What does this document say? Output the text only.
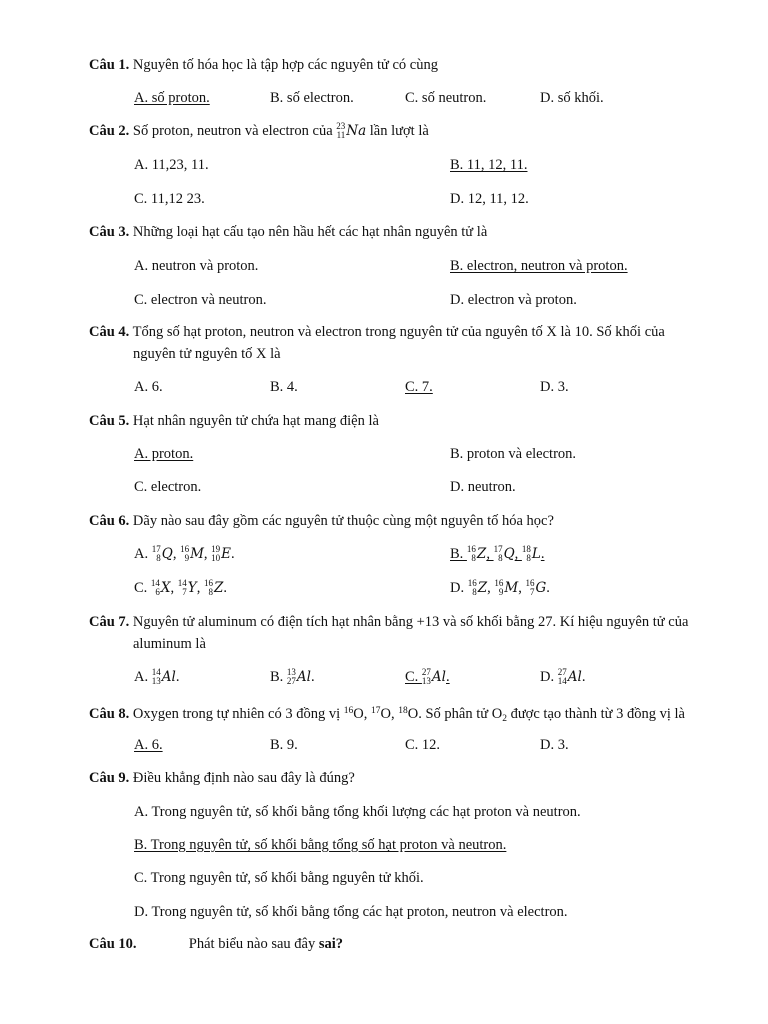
Câu 1. Nguyên tố hóa học là tập hợp các nguyên tử có cùng
A. số proton.	B. số electron.	C. số neutron.	D. số khối.
Câu 2. Số proton, neutron và electron của 23
11 Na lần lượt là
A. 11,23, 11.	B. 11, 12, 11.
C. 11,12 23.	D. 12, 11, 12.
Câu 3. Những loại hạt cấu tạo nên hầu hết các hạt nhân nguyên tử là
A. neutron và proton.	B. electron, neutron và proton.
C. electron và neutron.	D. electron và proton.
Câu 4. Tổng số hạt proton, neutron và electron trong nguyên tử của nguyên tố X là 10. Số khối của
nguyên tử nguyên tố X là
A. 6.	B. 4.	C. 7.	D. 3.
Câu 5. Hạt nhân nguyên tử chứa hạt mang điện là
A. proton.	B. proton và electron.
C. electron.	D. neutron.
Câu 6. Dãy nào sau đây gồm các nguyên tử thuộc cùng một nguyên tố hóa học?
A. 17
8 Q, 16
9 M, 19
10 E.	B. 16
8 Z, 17
8 Q, 18
8 L.
C. 14
6 X, 14
7 Y, 16
8 Z.	D. 16
8 Z, 16
9 M, 16
7 G.
Câu 7. Nguyên tử aluminum có điện tích hạt nhân bằng +13 và số khối bằng 27. Kí hiệu nguyên tử của
aluminum là
A. 14
13 Al.	B. 13
27 Al.	C. 27
13 Al.	D. 27
14 Al.
Câu 8. Oxygen trong tự nhiên có 3 đồng vị $^{16}$O, $^{17}$O, $^{18}$O. Số phân tử $O_2$ được tạo thành từ 3 đồng vị là
A. 6.	B. 9.	C. 12.	D. 3.
Câu 9. Điều khẳng định nào sau đây là đúng?
A. Trong nguyên tử, số khối bằng tổng khối lượng các hạt proton và neutron.
B. Trong nguyên tử, số khối bằng tổng số hạt proton và neutron.
C. Trong nguyên tử, số khối bằng nguyên tử khối.
D. Trong nguyên tử, số khối bằng tổng các hạt proton, neutron và electron.
Câu 10.	Phát biểu nào sau đây sai?
